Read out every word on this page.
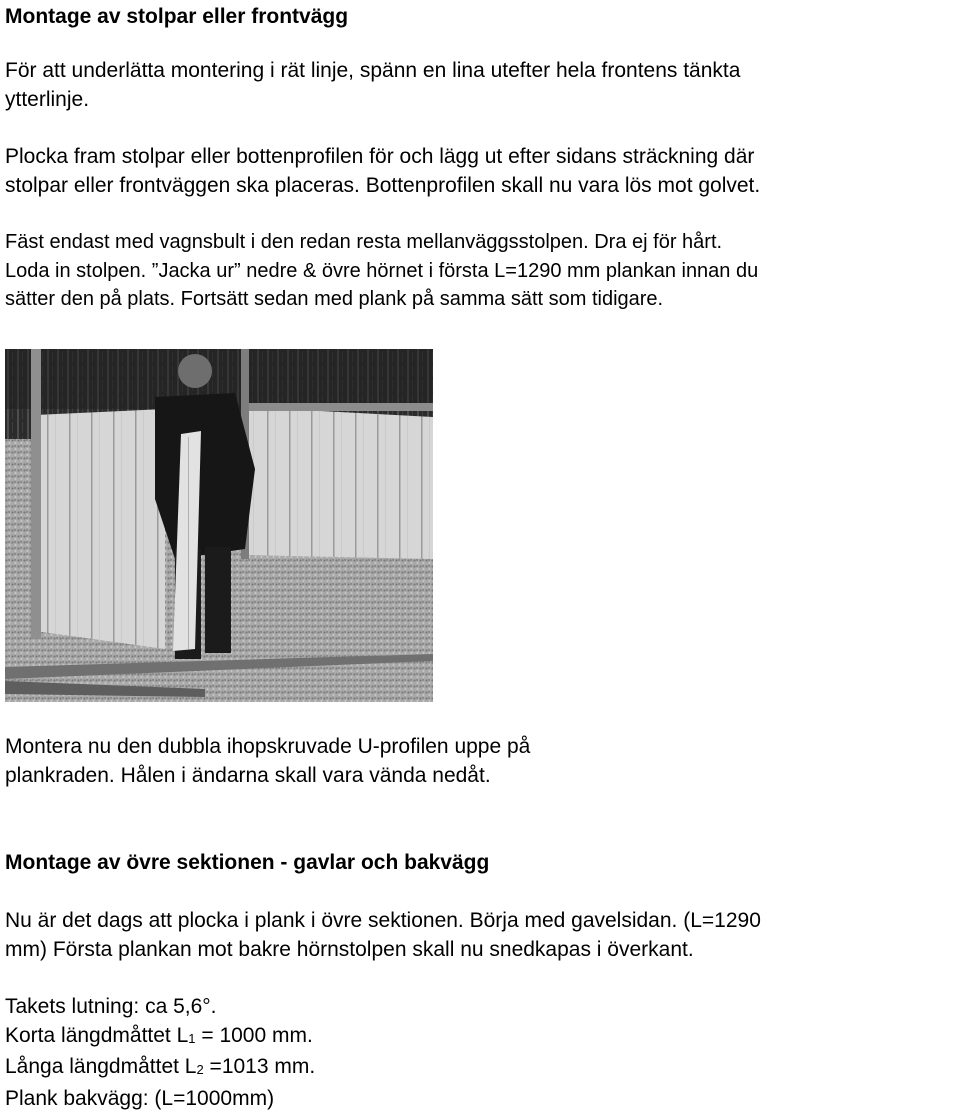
Montage av stolpar eller frontvägg
För att underlätta montering i rät linje, spänn en lina utefter hela frontens tänkta
ytterlinje.
Plocka fram stolpar eller bottenprofilen för och lägg ut efter sidans sträckning där
stolpar eller frontväggen ska placeras. Bottenprofilen skall nu vara lös mot golvet.
Fäst endast med vagnsbult i den redan resta mellanväggsstolpen. Dra ej för hårt.
Loda in stolpen. ”Jacka ur” nedre & övre hörnet i första L=1290 mm plankan innan du
sätter den på plats. Fortsätt sedan med plank på samma sätt som tidigare.
Montera nu den dubbla ihopskruvade U-profilen uppe på
plankraden. Hålen i ändarna skall vara vända nedåt.
Montage av övre sektionen - gavlar och bakvägg
Nu är det dags att plocka i plank i övre sektionen. Börja med gavelsidan. (L=1290
mm) Första plankan mot bakre hörnstolpen skall nu snedkapas i överkant.
Takets lutning: ca 5,6°.
Korta längdmåttet $L_1 = 1000$ mm.
Långa längdmåttet $L_2 =1013$ mm.
Plank bakvägg: (L=1000mm)
